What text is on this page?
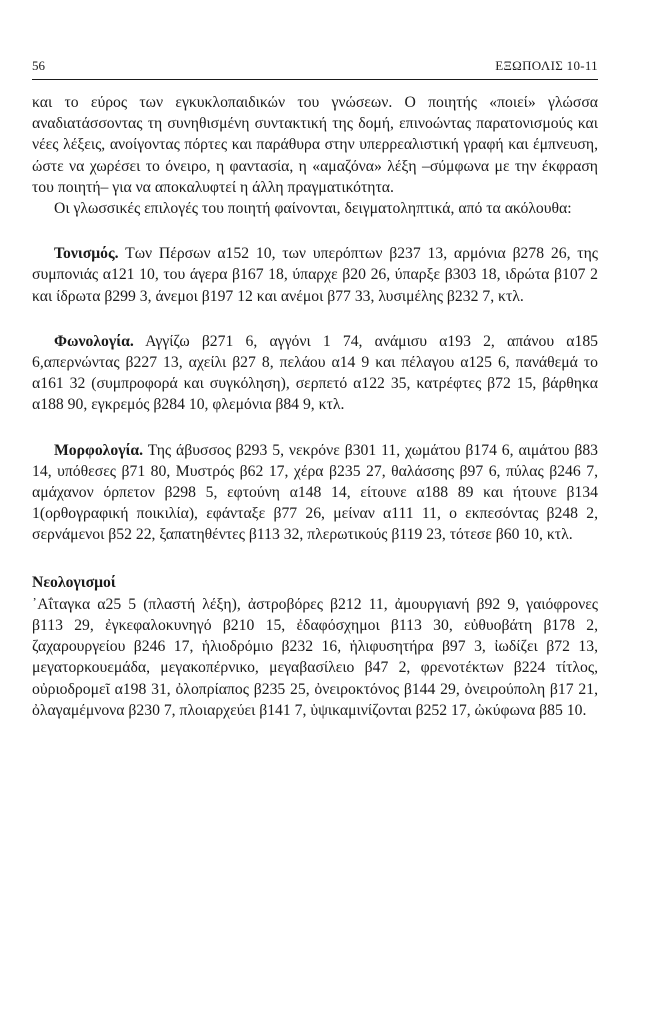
56	ΕΞΩΠΟΛΙΣ 10-11

και το εύρος των εγκυκλοπαιδικών του γνώσεων. Ο ποιητής «ποιεί» γλώσσα αναδιατάσσοντας τη συνηθισμένη συντακτική της δομή, επινοώντας παρατονισμούς και νέες λέξεις, ανοίγοντας πόρτες και παράθυρα στην υπερρεαλιστική γραφή και έμπνευση, ώστε να χωρέσει το όνειρο, η φαντασία, η «αμαζόνα» λέξη –σύμφωνα με την έκφραση του ποιητή– για να αποκαλυφτεί η άλλη πραγματικότητα.

Οι γλωσσικές επιλογές του ποιητή φαίνονται, δειγματοληπτικά, από τα ακόλουθα:

Τονισμός. Των Πέρσων α152 10, των υπερόπτων β237 13, αρμόνια β278 26, της συμπονιάς α121 10, του άγερα β167 18, ύπαρχε β20 26, ύπαρξε β303 18, ιδρώτα β107 2 και ίδρωτα β299 3, άνεμοι β197 12 και ανέμοι β77 33, λυσιμέλης β232 7, κτλ.

Φωνολογία. Αγγίζω β271 6, αγγόνι 1 74, ανάμισυ α193 2, απάνου α185 6,απερνώντας β227 13, αχείλι β27 8, πελάου α14 9 και πέλαγου α125 6, πανάθεμά το α161 32 (συμπροφορά και συγκόληση), σερπετό α122 35, κατρέφτες β72 15, βάρθηκα α188 90, εγκρεμός β284 10, φλεμόνια β84 9, κτλ.

Μορφολογία. Της άβυσσος β293 5, νεκρόνε β301 11, χωμάτου β174 6, αιμάτου β83 14, υπόθεσες β71 80, Μυστρός β62 17, χέρα β235 27, θαλάσσης β97 6, πύλας β246 7, αμάχανον όρπετον β298 5, εφτούνη α148 14, είτουνε α188 89 και ήτουνε β134 1(ορθογραφική ποικιλία), εφάνταξε β77 26, μείναν α111 11, ο εκπεσόντας β248 2, σερνάμενοι β52 22, ξαπατηθέντες β113 32, πλερωτικούς β119 23, τότεσε β60 10, κτλ.

Νεολογισμοί

᾿Αΐταγκα α25 5 (πλαστή λέξη), ἀστροβόρες β212 11, ἀμουργιανή β92 9, γαιόφρονες β113 29, ἐγκεφαλοκυνηγό β210 15, ἐδαφόσχημοι β113 30, εὐθυοβάτη β178 2, ζαχαρουργείου β246 17, ἡλιοδρόμιο β232 16, ἡλιφυσητήρα β97 3, ἰωδίζει β72 13, μεγατορκουεμάδα, μεγακοπέρνικο, μεγαβασίλειο β47 2, φρενοτέκτων β224 τίτλος, οὐριοδρομεῖ α198 31, ὀλοπρίαπος β235 25, ὀνειροκτόνος β144 29, ὀνειρούπολη β17 21, ὀλαγαμέμνονα β230 7, πλοιαρχεύει β141 7, ὑψικαμινίζονται β252 17, ὠκύφωνα β85 10.
